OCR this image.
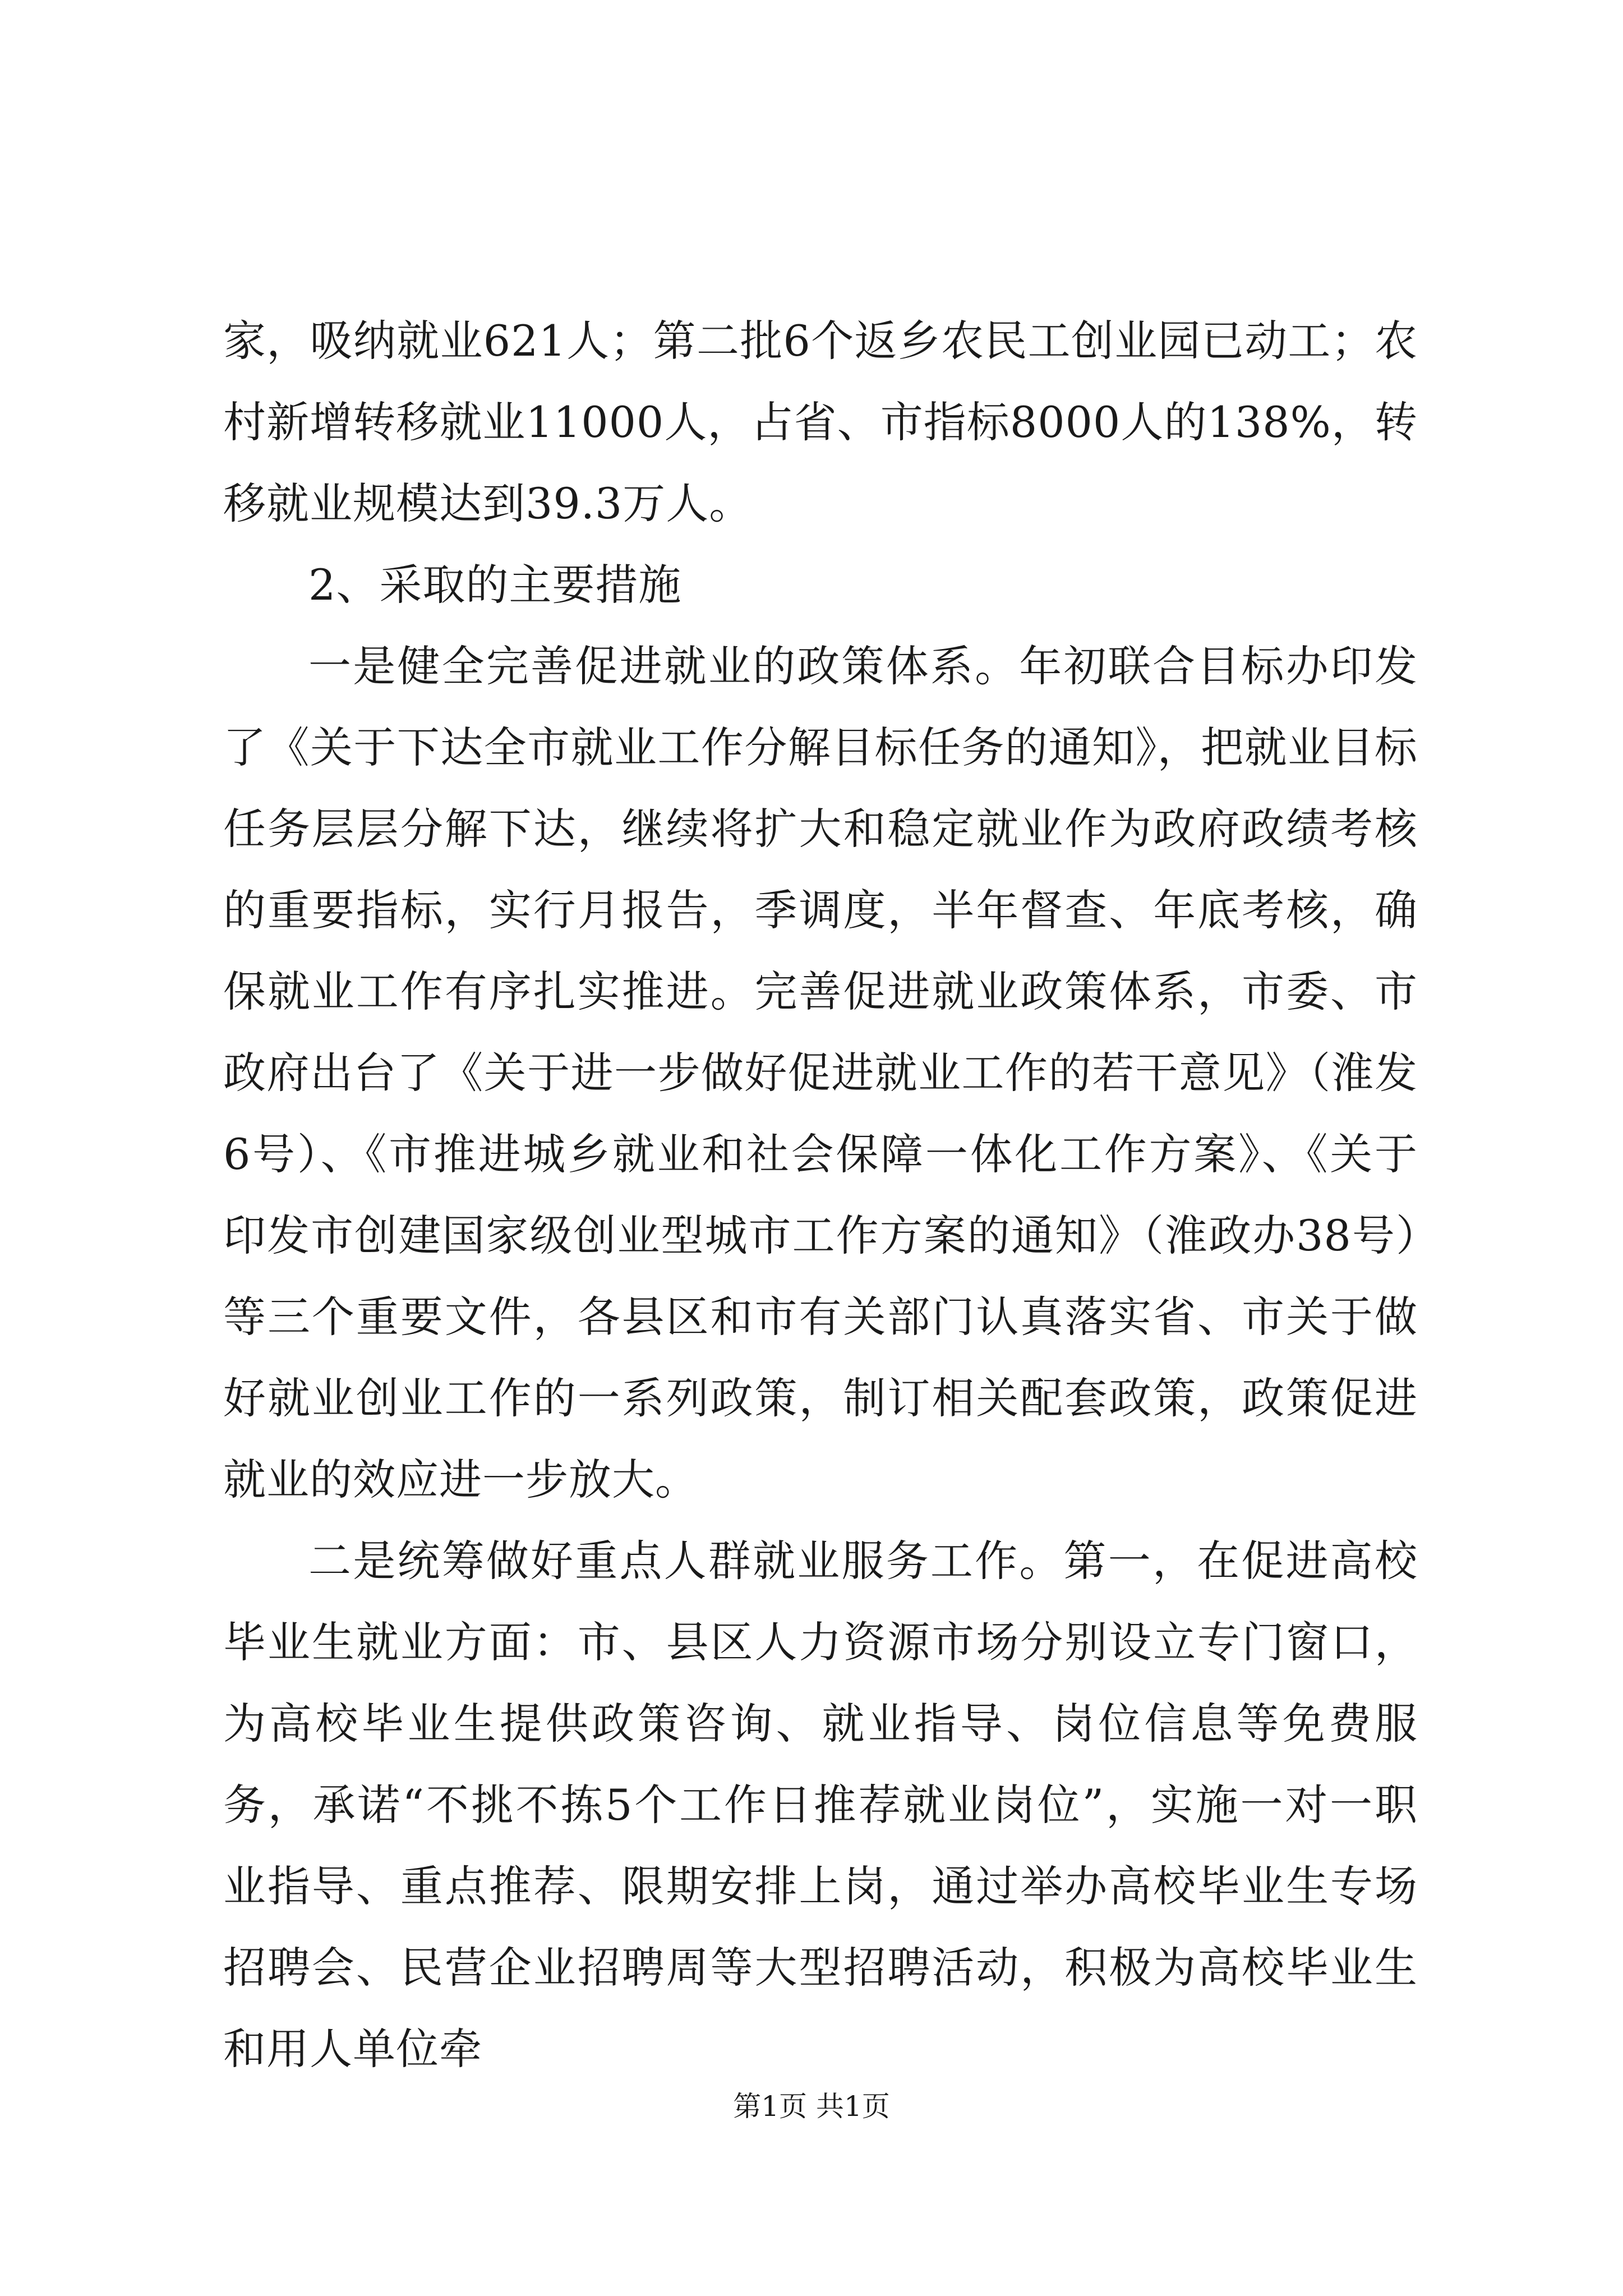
家，吸纳就业621人；第二批6个返乡农民工创业园已动工；农村新增转移就业11000人，占省、市指标8000人的138%，转移就业规模达到39.3万人。

2、采取的主要措施

一是健全完善促进就业的政策体系。年初联合目标办印发了《关于下达全市就业工作分解目标任务的通知》，把就业目标任务层层分解下达，继续将扩大和稳定就业作为政府政绩考核的重要指标，实行月报告，季调度，半年督查、年底考核，确保就业工作有序扎实推进。完善促进就业政策体系，市委、市政府出台了《关于进一步做好促进就业工作的若干意见》（淮发6号）、《市推进城乡就业和社会保障一体化工作方案》、《关于印发市创建国家级创业型城市工作方案的通知》（淮政办38号）等三个重要文件，各县区和市有关部门认真落实省、市关于做好就业创业工作的一系列政策，制订相关配套政策，政策促进就业的效应进一步放大。

二是统筹做好重点人群就业服务工作。第一，在促进高校毕业生就业方面：市、县区人力资源市场分别设立专门窗口，为高校毕业生提供政策咨询、就业指导、岗位信息等免费服务，承诺“不挑不拣5个工作日推荐就业岗位”，实施一对一职业指导、重点推荐、限期安排上岗，通过举办高校毕业生专场招聘会、民营企业招聘周等大型招聘活动，积极为高校毕业生和用人单位牵

第1页 共1页
